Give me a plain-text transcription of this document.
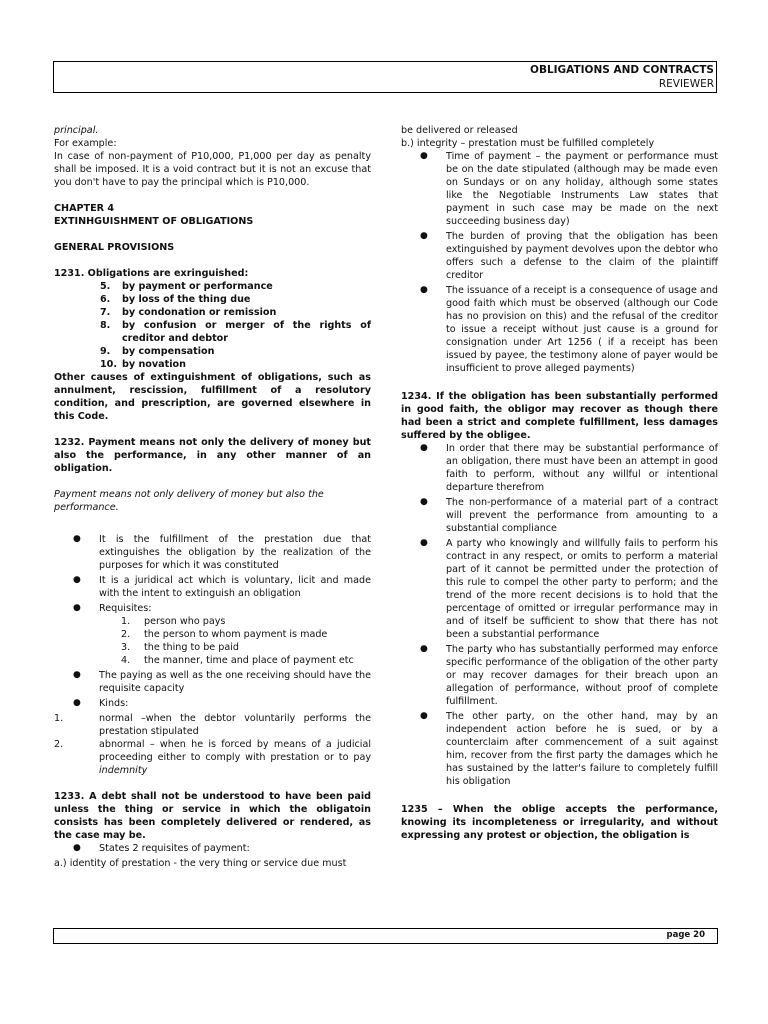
OBLIGATIONS AND CONTRACTS
REVIEWER

principal.

For example:

In case of non-payment of P10,000, P1,000 per day as penalty shall be imposed. It is a void contract but it is not an excuse that you don't have to pay the principal which is P10,000.

CHAPTER 4

EXTINHGUISHMENT OF OBLIGATIONS

GENERAL PROVISIONS

1231. Obligations are exringuished:

5. by payment or performance
6. by loss of the thing due
7. by condonation or remission
8. by confusion or merger of the rights of creditor and debtor
9. by compensation
10. by novation

Other causes of extinguishment of obligations, such as annulment, rescission, fulfillment of a resolutory condition, and prescription, are governed elsewhere in this Code.

1232. Payment means not only the delivery of money but also the performance, in any other manner of an obligation.

Payment means not only delivery of money but also the performance.

● It is the fulfillment of the prestation due that extinguishes the obligation by the realization of the purposes for which it was constituted
● It is a juridical act which is voluntary, licit and made with the intent to extinguish an obligation
● Requisites:
1. person who pays
2. the person to whom payment is made
3. the thing to be paid
4. the manner, time and place of payment etc
● The paying as well as the one receiving should have the requisite capacity
● Kinds:
1.	normal –when the debtor voluntarily performs the prestation stipulated
2.	abnormal – when he is forced by means of a judicial proceeding either to comply with prestation or to pay indemnity

1233. A debt shall not be understood to have been paid unless the thing or service in which the obligatoin consists has been completely delivered or rendered, as the case may be.

● States 2 requisites of payment:

a.) identity of prestation - the very thing or service due must

be delivered or released

b.) integrity – prestation must be fulfilled completely

● Time of payment – the payment or performance must be on the date stipulated (although may be made even on Sundays or on any holiday, although some states like the Negotiable Instruments Law states that payment in such case may be made on the next succeeding business day)
● The burden of proving that the obligation has been extinguished by payment devolves upon the debtor who offers such a defense to the claim of the plaintiff creditor
● The issuance of a receipt is a consequence of usage and good faith which must be observed (although our Code has no provision on this) and the refusal of the creditor to issue a receipt without just cause is a ground for consignation under Art 1256 ( if a receipt has been issued by payee, the testimony alone of payer would be insufficient to prove alleged payments)

1234. If the obligation has been substantially performed in good faith, the obligor may recover as though there had been a strict and complete fulfillment, less damages suffered by the obligee.

● In order that there may be substantial performance of an obligation, there must have been an attempt in good faith to perform, without any willful or intentional departure therefrom
● The non-performance of a material part of a contract will prevent the performance from amounting to a substantial compliance
● A party who knowingly and willfully fails to perform his contract in any respect, or omits to perform a material part of it cannot be permitted under the protection of this rule to compel the other party to perform; and the trend of the more recent decisions is to hold that the percentage of omitted or irregular performance may in and of itself be sufficient to show that there has not been a substantial performance
● The party who has substantially performed may enforce specific performance of the obligation of the other party or may recover damages for their breach upon an allegation of performance, without proof of complete fulfillment.
● The other party, on the other hand, may by an independent action before he is sued, or by a counterclaim after commencement of a suit against him, recover from the first party the damages which he has sustained by the latter's failure to completely fulfill his obligation

1235 – When the oblige accepts the performance, knowing its incompleteness or irregularity, and without expressing any protest or objection, the obligation is

page 20
